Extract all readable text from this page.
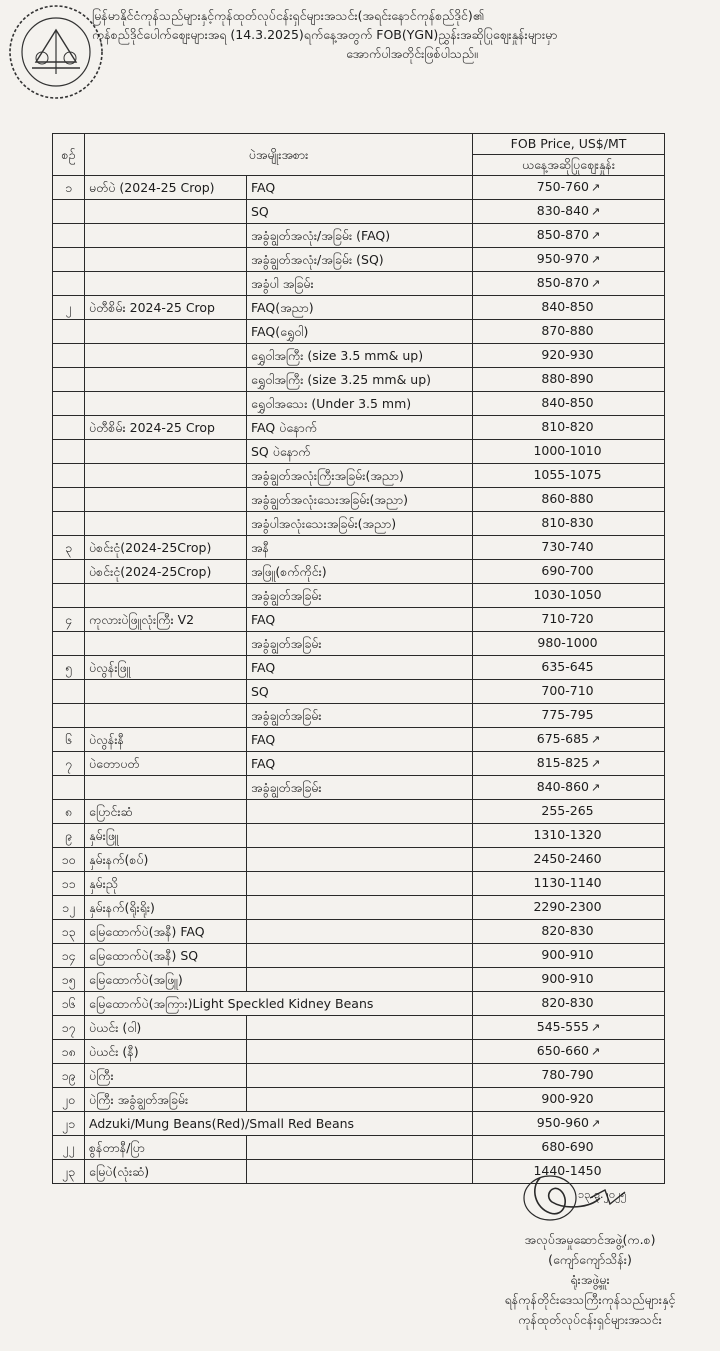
မြန်မာနိုင်ငံကုန်သည်များနှင့်ကုန်ထုတ်လုပ်ငန်းရှင်များအသင်း(အရင်းနောင်ကုန်စည်ဒိုင်)၏
ကုန်စည်ဒိုင်ပေါက်ဈေးများအရ (14.3.2025)ရက်နေ့အတွက် FOB(YGN)ညွှန်းအဆိုပြုဈေးနှုန်းများမှာ
အောက်ပါအတိုင်းဖြစ်ပါသည်။
စဉ်	ပဲအမျိုးအစား		FOB Price, US$/MT
			ယနေ့အဆိုပြုဈေးနှုန်း
၁	မတ်ပဲ (2024-25 Crop)	FAQ	750-760 ↗
		SQ	830-840 ↗
		အခွံချွတ်အလုံး/အခြမ်း (FAQ)	850-870 ↗
		အခွံချွတ်အလုံး/အခြမ်း (SQ)	950-970 ↗
		အခွံပါ အခြမ်း	850-870 ↗
၂	ပဲတီစိမ်း 2024-25 Crop	FAQ(အညာ)	840-850
		FAQ(ရွှေဝါ)	870-880
		ရွှေဝါအကြီး (size 3.5 mm& up)	920-930
		ရွှေဝါအကြီး (size 3.25 mm& up)	880-890
		ရွှေဝါအသေး (Under 3.5 mm)	840-850
	ပဲတီစိမ်း 2024-25 Crop	FAQ ပဲနောက်	810-820
		SQ ပဲနောက်	1000-1010
		အခွံချွတ်အလုံးကြီးအခြမ်း(အညာ)	1055-1075
		အခွံချွတ်အလုံးသေးအခြမ်း(အညာ)	860-880
		အခွံပါအလုံးသေးအခြမ်း(အညာ)	810-830
၃	ပဲစင်းငုံ(2024-25Crop)	အနီ	730-740
	ပဲစင်းငုံ(2024-25Crop)	အဖြူ(စက်ကိုင်း)	690-700
		အခွံချွတ်အခြမ်း	1030-1050
၄	ကုလားပဲဖြူလုံးကြီး V2	FAQ	710-720
		အခွံချွတ်အခြမ်း	980-1000
၅	ပဲလွန်းဖြူ	FAQ	635-645
		SQ	700-710
		အခွံချွတ်အခြမ်း	775-795
၆	ပဲလွန်းနီ	FAQ	675-685 ↗
၇	ပဲတောပတ်	FAQ	815-825 ↗
		အခွံချွတ်အခြမ်း	840-860 ↗
၈	ပြောင်းဆံ		255-265
၉	နှမ်းဖြူ		1310-1320
၁၀	နှမ်းနက်(စပ်)		2450-2460
၁၁	နှမ်းညို		1130-1140
၁၂	နှမ်းနက်(ရိုးရိုး)		2290-2300
၁၃	မြေထောက်ပဲ(အနီ) FAQ		820-830
၁၄	မြေထောက်ပဲ(အနီ) SQ		900-910
၁၅	မြေထောက်ပဲ(အဖြူ)		900-910
၁၆	မြေထောက်ပဲ(အကြား)Light Speckled Kidney Beans		820-830
၁၇	ပဲယင်း (ဝါ)		545-555 ↗
၁၈	ပဲယင်း (နီ)		650-660 ↗
၁၉	ပဲကြီး		780-790
၂၀	ပဲကြီး အခွံချွတ်အခြမ်း		900-920
၂၁	Adzuki/Mung Beans(Red)/Small Red Beans		950-960 ↗
၂၂	စွန်တာနီ/ပြာ		680-690
၂၃	မြေပဲ(လုံးဆံ)		1440-1450
၁၃.၃.၂၀၂၅
အလုပ်အမှုဆောင်အဖွဲ့(က.စ)
(ကျော်ကျော်သိန်း)
ရုံးအဖွဲ့မှူး
ရန်ကုန်တိုင်းဒေသကြီးကုန်သည်များနှင့်
ကုန်ထုတ်လုပ်ငန်းရှင်များအသင်း
